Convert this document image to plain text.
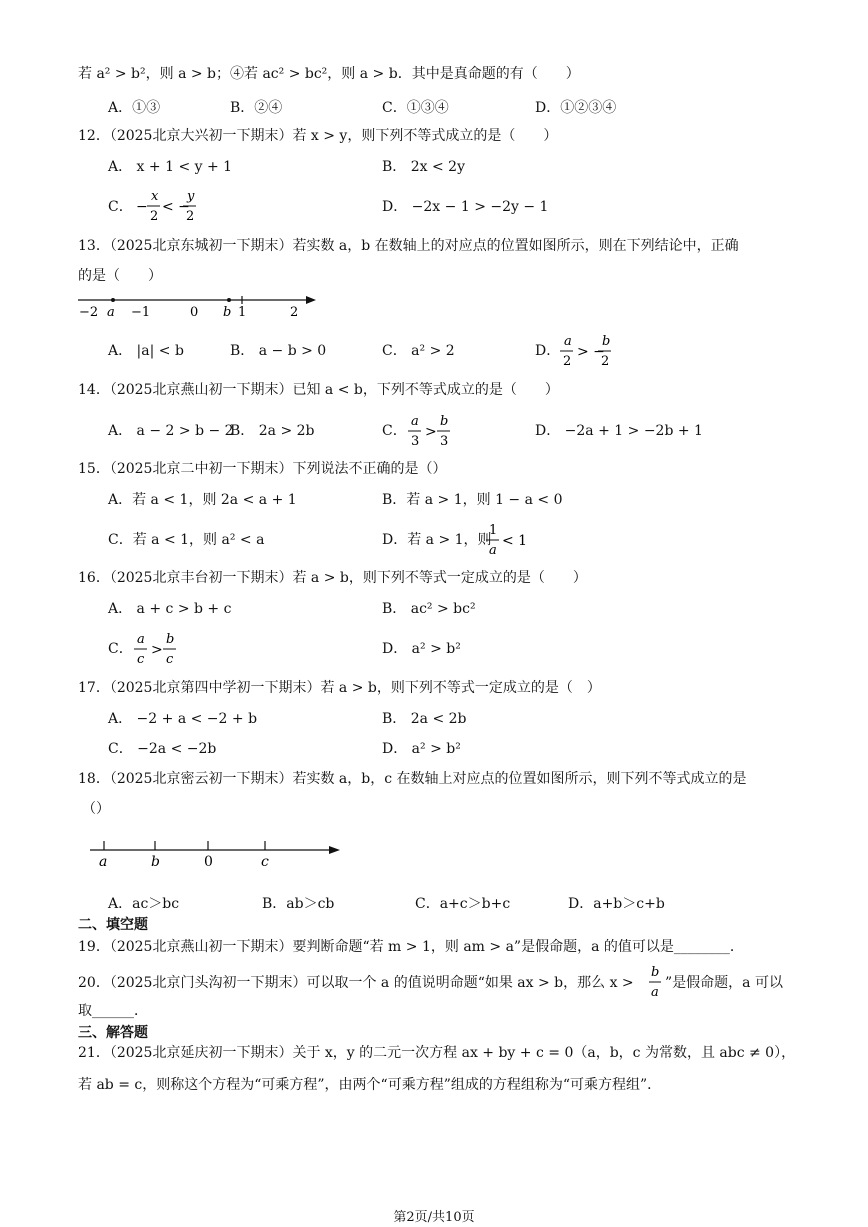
若 a² > b²，则 a > b；④若 ac² > bc²，则 a > b．其中是真命题的有（　　）
A．①③	B．②④	C．①③④	D．①②③④
12．（2025北京大兴初一下期末）若 x > y，则下列不等式成立的是（　　）
A． x + 1 < y + 1	B． 2x < 2y
C． −
x
2
< −
y
2
D． −2x − 1 > −2y − 1
13．（2025北京东城初一下期末）若实数 a，b 在数轴上的对应点的位置如图所示，则在下列结论中，正确
的是（　　）
−2 a −1	0 b 1	2
A． |a| < b	B． a − b > 0	C． a² > 2	D．
a
2
> −
b
2
14．（2025北京燕山初一下期末）已知 a < b，下列不等式成立的是（　　）
A． a − 2 > b − 2
B． 2a > 2b	C．
a
3
>
b
3
D． −2a + 1 > −2b + 1
15．（2025北京二中初一下期末）下列说法不正确的是（）
A．若 a < 1，则 2a < a + 1	B．若 a > 1，则 1 − a < 0
C．若 a < 1，则 a² < a	D．若 a > 1，则
1
a
< 1
16．（2025北京丰台初一下期末）若 a > b，则下列不等式一定成立的是（　　）
A． a + c > b + c	B． ac² > bc²
C．
a
c
>
b
c
D． a² > b²
17．（2025北京第四中学初一下期末）若 a > b，则下列不等式一定成立的是（　）
A． −2 + a < −2 + b	B． 2a < 2b
C． −2a < −2b	D． a² > b²
18．（2025北京密云初一下期末）若实数 a，b，c 在数轴上对应点的位置如图所示，则下列不等式成立的是
（）
a	b	0	c
A．ac＞bc	B．ab＞cb	C．a+c＞b+c	D．a+b＞c+b
二、填空题
19．（2025北京燕山初一下期末）要判断命题“若 m > 1，则 am > a”是假命题，a 的值可以是________．
20．（2025北京门头沟初一下期末）可以取一个 a 的值说明命题“如果 ax > b，那么 x >
b
a
”是假命题，a 可以
取______．
三、解答题
21．（2025北京延庆初一下期末）关于 x，y 的二元一次方程 ax + by + c = 0（a，b，c 为常数，且 abc ≠ 0），
若 ab = c，则称这个方程为“可乘方程”，由两个“可乘方程”组成的方程组称为“可乘方程组”．
第2页/共10页
